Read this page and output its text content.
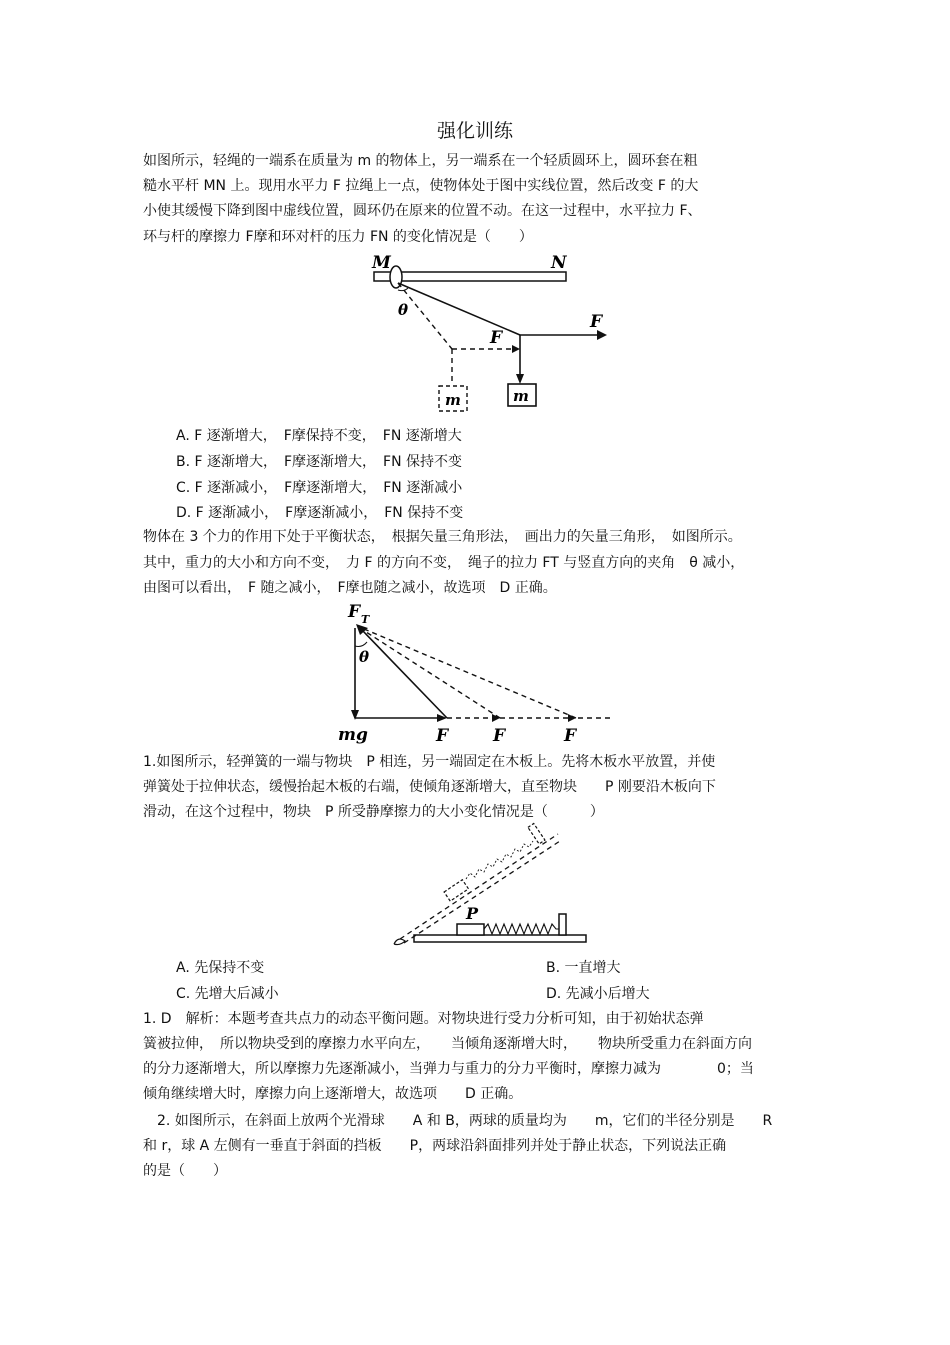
强化训练
如图所示，轻绳的一端系在质量为 m 的物体上，另一端系在一个轻质圆环上，圆环套在粗
糙水平杆 MN 上。现用水平力 F 拉绳上一点，使物体处于图中实线位置，然后改变 F 的大
小使其缓慢下降到图中虚线位置，圆环仍在原来的位置不动。在这一过程中，水平拉力 F、
环与杆的摩擦力 F摩和环对杆的压力 FN 的变化情况是（　　）
M	N
θ
F
m
F
m
A. F 逐渐增大，　F摩保持不变，　FN 逐渐增大
B. F 逐渐增大，　F摩逐渐增大，　FN 保持不变
C. F 逐渐减小，　F摩逐渐增大，　FN 逐渐减小
D. F 逐渐减小，　F摩逐渐减小，　FN 保持不变
物体在 3 个力的作用下处于平衡状态，　根据矢量三角形法，　画出力的矢量三角形，　如图所示。
其中，重力的大小和方向不变，　力 F 的方向不变，　绳子的拉力 FT 与竖直方向的夹角　θ 减小，
由图可以看出，　F 随之减小，　F摩也随之减小，故选项　D 正确。
F T
mg
θ
F	F	F
1.如图所示，轻弹簧的一端与物块　P 相连，另一端固定在木板上。先将木板水平放置，并使
弹簧处于拉伸状态，缓慢抬起木板的右端，使倾角逐渐增大，直至物块　　P 刚要沿木板向下
滑动，在这个过程中，物块　P 所受静摩擦力的大小变化情况是（　　　）
P
A. 先保持不变	B. 一直增大
C. 先增大后减小	D. 先减小后增大
1. D　解析：本题考查共点力的动态平衡问题。对物块进行受力分析可知，由于初始状态弹
簧被拉伸，　所以物块受到的摩擦力水平向左，　　当倾角逐渐增大时，　　物块所受重力在斜面方向
的分力逐渐增大，所以摩擦力先逐渐减小，当弹力与重力的分力平衡时，摩擦力减为　　　　0；当
倾角继续增大时，摩擦力向上逐渐增大，故选项　　D 正确。
　2. 如图所示，在斜面上放两个光滑球　　A 和 B，两球的质量均为　　m，它们的半径分别是　　R
和 r，球 A 左侧有一垂直于斜面的挡板　　P，两球沿斜面排列并处于静止状态，下列说法正确
的是（　　）
